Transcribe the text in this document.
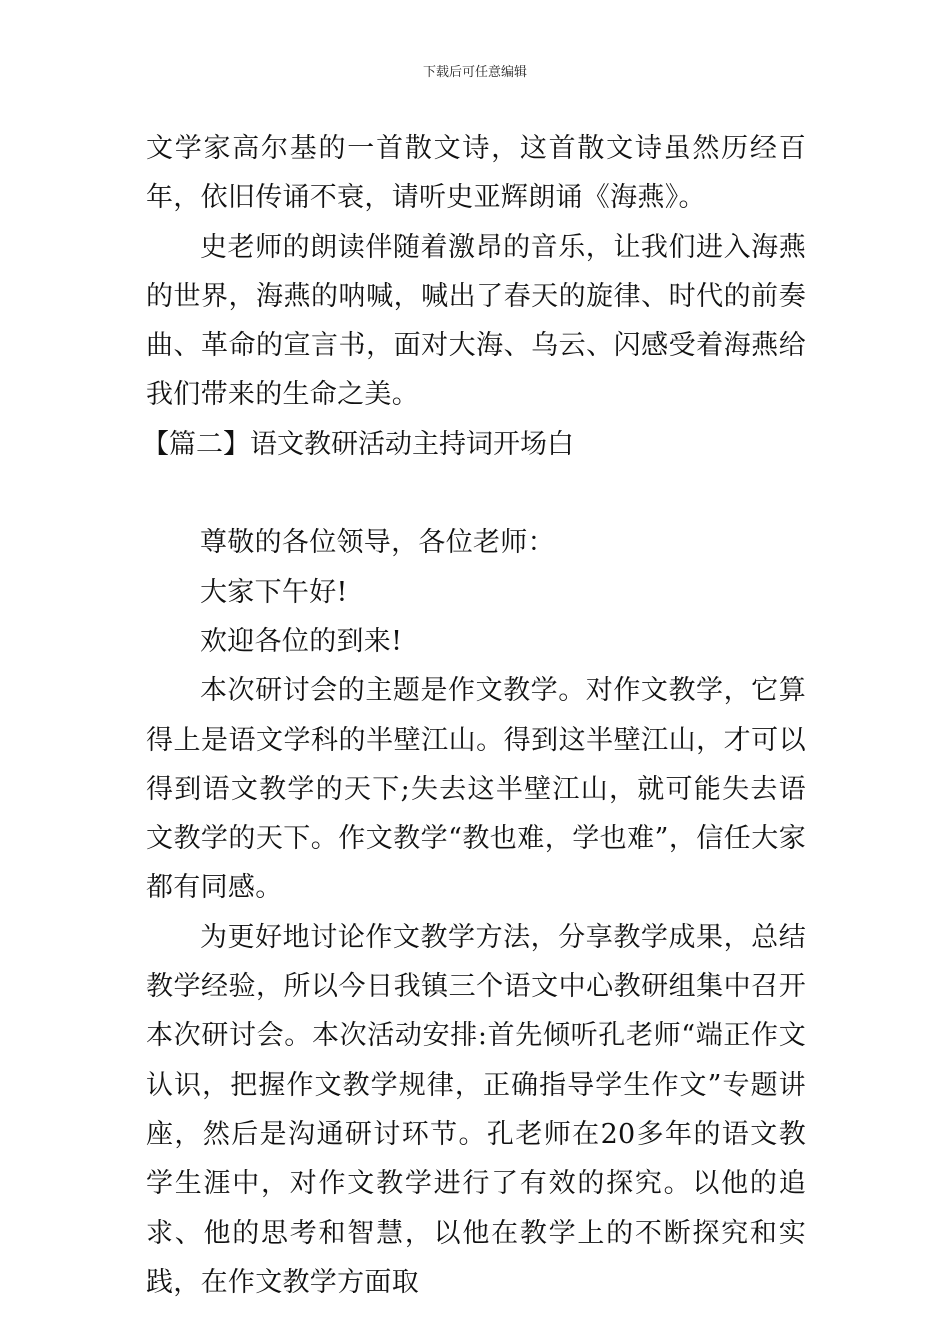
下载后可任意编辑

文学家高尔基的一首散文诗，这首散文诗虽然历经百年，依旧传诵不衰，请听史亚辉朗诵《海燕》。

史老师的朗读伴随着激昂的音乐，让我们进入海燕的世界，海燕的呐喊，喊出了春天的旋律、时代的前奏曲、革命的宣言书，面对大海、乌云、闪感受着海燕给我们带来的生命之美。

【篇二】语文教研活动主持词开场白

尊敬的各位领导，各位老师：

大家下午好!

欢迎各位的到来!

本次研讨会的主题是作文教学。对作文教学，它算得上是语文学科的半壁江山。得到这半壁江山，才可以得到语文教学的天下;失去这半壁江山，就可能失去语文教学的天下。作文教学“教也难，学也难”，信任大家都有同感。

为更好地讨论作文教学方法，分享教学成果，总结教学经验，所以今日我镇三个语文中心教研组集中召开本次研讨会。本次活动安排:首先倾听孔老师“端正作文认识，把握作文教学规律，正确指导学生作文”专题讲座，然后是沟通研讨环节。孔老师在20多年的语文教学生涯中，对作文教学进行了有效的探究。以他的追求、他的思考和智慧，以他在教学上的不断探究和实践，在作文教学方面取
